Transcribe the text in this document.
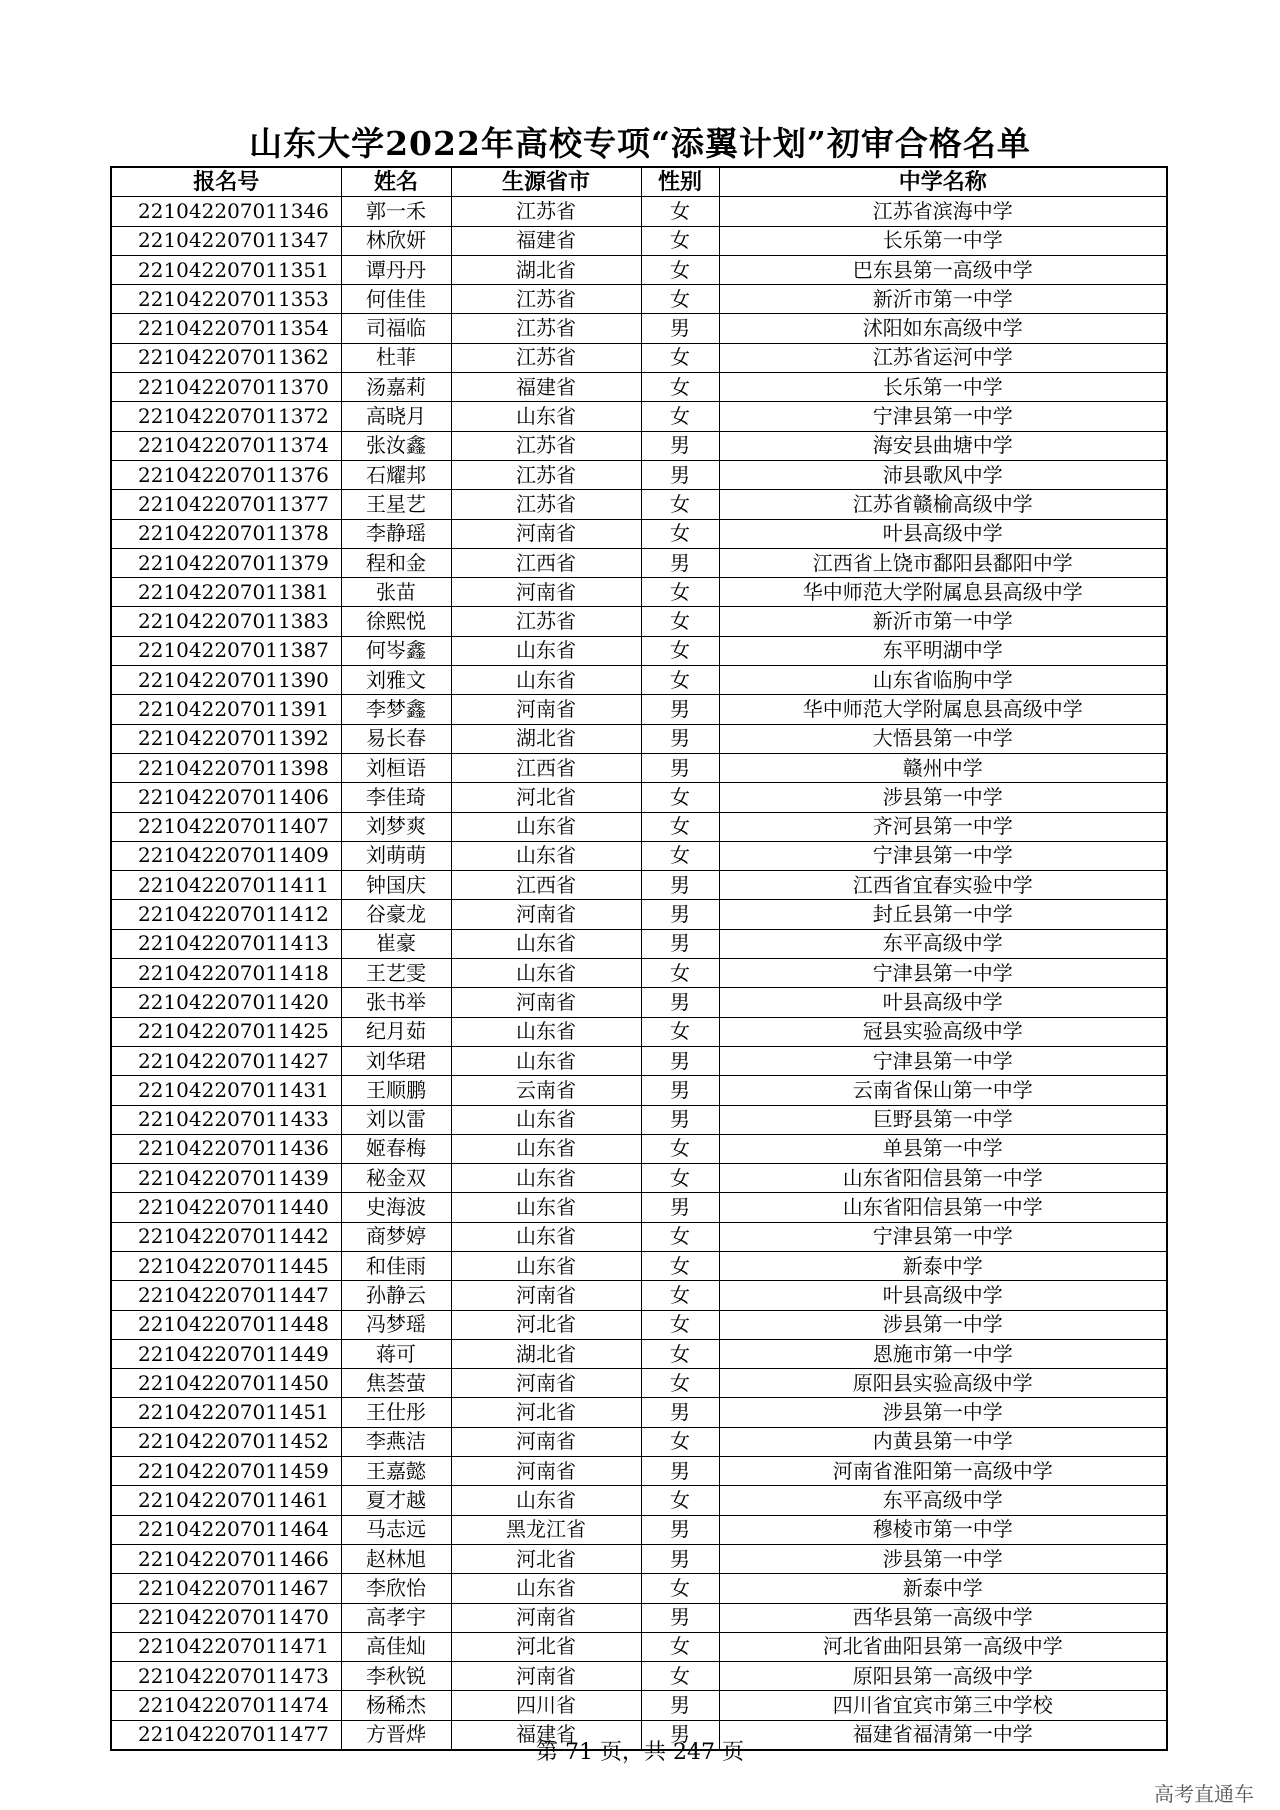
山东大学2022年高校专项“添翼计划”初审合格名单
报名号	姓名	生源省市	性别	中学名称
221042207011346	郭一禾	江苏省	女	江苏省滨海中学
221042207011347	林欣妍	福建省	女	长乐第一中学
221042207011351	谭丹丹	湖北省	女	巴东县第一高级中学
221042207011353	何佳佳	江苏省	女	新沂市第一中学
221042207011354	司福临	江苏省	男	沭阳如东高级中学
221042207011362	杜菲	江苏省	女	江苏省运河中学
221042207011370	汤嘉莉	福建省	女	长乐第一中学
221042207011372	高晓月	山东省	女	宁津县第一中学
221042207011374	张汝鑫	江苏省	男	海安县曲塘中学
221042207011376	石耀邦	江苏省	男	沛县歌风中学
221042207011377	王星艺	江苏省	女	江苏省赣榆高级中学
221042207011378	李静瑶	河南省	女	叶县高级中学
221042207011379	程和金	江西省	男	江西省上饶市鄱阳县鄱阳中学
221042207011381	张苗	河南省	女	华中师范大学附属息县高级中学
221042207011383	徐熙悦	江苏省	女	新沂市第一中学
221042207011387	何岑鑫	山东省	女	东平明湖中学
221042207011390	刘雅文	山东省	女	山东省临朐中学
221042207011391	李梦鑫	河南省	男	华中师范大学附属息县高级中学
221042207011392	易长春	湖北省	男	大悟县第一中学
221042207011398	刘桓语	江西省	男	赣州中学
221042207011406	李佳琦	河北省	女	涉县第一中学
221042207011407	刘梦爽	山东省	女	齐河县第一中学
221042207011409	刘萌萌	山东省	女	宁津县第一中学
221042207011411	钟国庆	江西省	男	江西省宜春实验中学
221042207011412	谷豪龙	河南省	男	封丘县第一中学
221042207011413	崔豪	山东省	男	东平高级中学
221042207011418	王艺雯	山东省	女	宁津县第一中学
221042207011420	张书举	河南省	男	叶县高级中学
221042207011425	纪月茹	山东省	女	冠县实验高级中学
221042207011427	刘华珺	山东省	男	宁津县第一中学
221042207011431	王顺鹏	云南省	男	云南省保山第一中学
221042207011433	刘以雷	山东省	男	巨野县第一中学
221042207011436	姬春梅	山东省	女	单县第一中学
221042207011439	秘金双	山东省	女	山东省阳信县第一中学
221042207011440	史海波	山东省	男	山东省阳信县第一中学
221042207011442	商梦婷	山东省	女	宁津县第一中学
221042207011445	和佳雨	山东省	女	新泰中学
221042207011447	孙静云	河南省	女	叶县高级中学
221042207011448	冯梦瑶	河北省	女	涉县第一中学
221042207011449	蒋可	湖北省	女	恩施市第一中学
221042207011450	焦荟萤	河南省	女	原阳县实验高级中学
221042207011451	王仕彤	河北省	男	涉县第一中学
221042207011452	李燕洁	河南省	女	内黄县第一中学
221042207011459	王嘉懿	河南省	男	河南省淮阳第一高级中学
221042207011461	夏才越	山东省	女	东平高级中学
221042207011464	马志远	黑龙江省	男	穆棱市第一中学
221042207011466	赵林旭	河北省	男	涉县第一中学
221042207011467	李欣怡	山东省	女	新泰中学
221042207011470	高孝宇	河南省	男	西华县第一高级中学
221042207011471	高佳灿	河北省	女	河北省曲阳县第一高级中学
221042207011473	李秋锐	河南省	女	原阳县第一高级中学
221042207011474	杨稀杰	四川省	男	四川省宜宾市第三中学校
221042207011477	方晋烨	福建省	男	福建省福清第一中学
第 71 页，共 247 页
高考直通车
